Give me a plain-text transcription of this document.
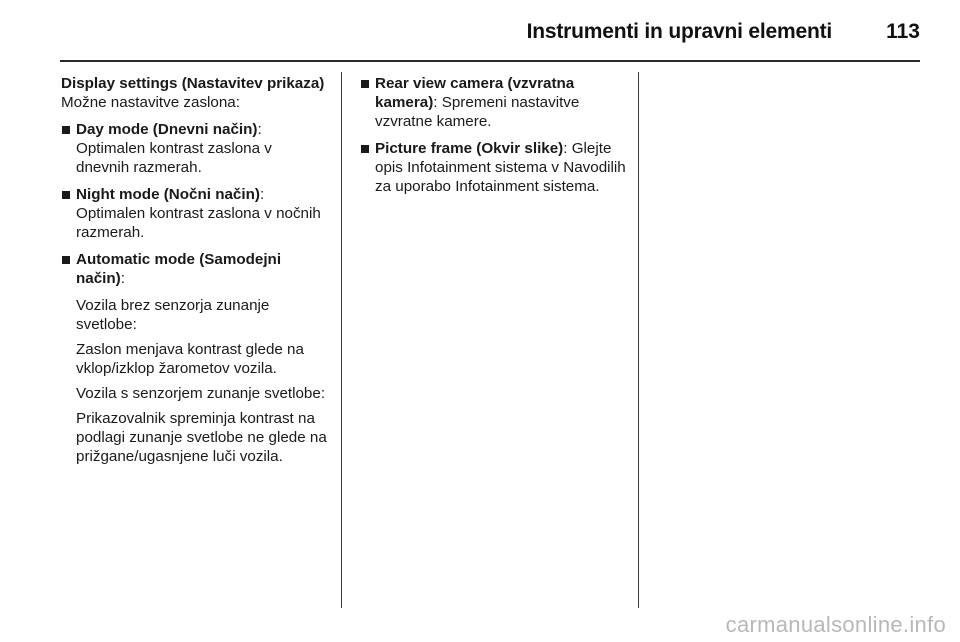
Instrumenti in upravni elementi	113

Display settings (Nastavitev prikaza)

Možne nastavitve zaslona:

Day mode (Dnevni način):
Optimalen kontrast zaslona v dnevnih razmerah.
Night mode (Nočni način):
Optimalen kontrast zaslona v nočnih razmerah.
Automatic mode (Samodejni način):

Vozila brez senzorja zunanje svetlobe:

Zaslon menjava kontrast glede na vklop/izklop žarometov vozila.

Vozila s senzorjem zunanje svetlobe:

Prikazovalnik spreminja kontrast na podlagi zunanje svetlobe ne glede na prižgane/ugasnjene luči vozila.

Rear view camera (vzvratna kamera): Spremeni nastavitve vzvratne kamere.
Picture frame (Okvir slike): Glejte opis Infotainment sistema v Navodilih za uporabo Infotainment sistema.
carmanualsonline.info
